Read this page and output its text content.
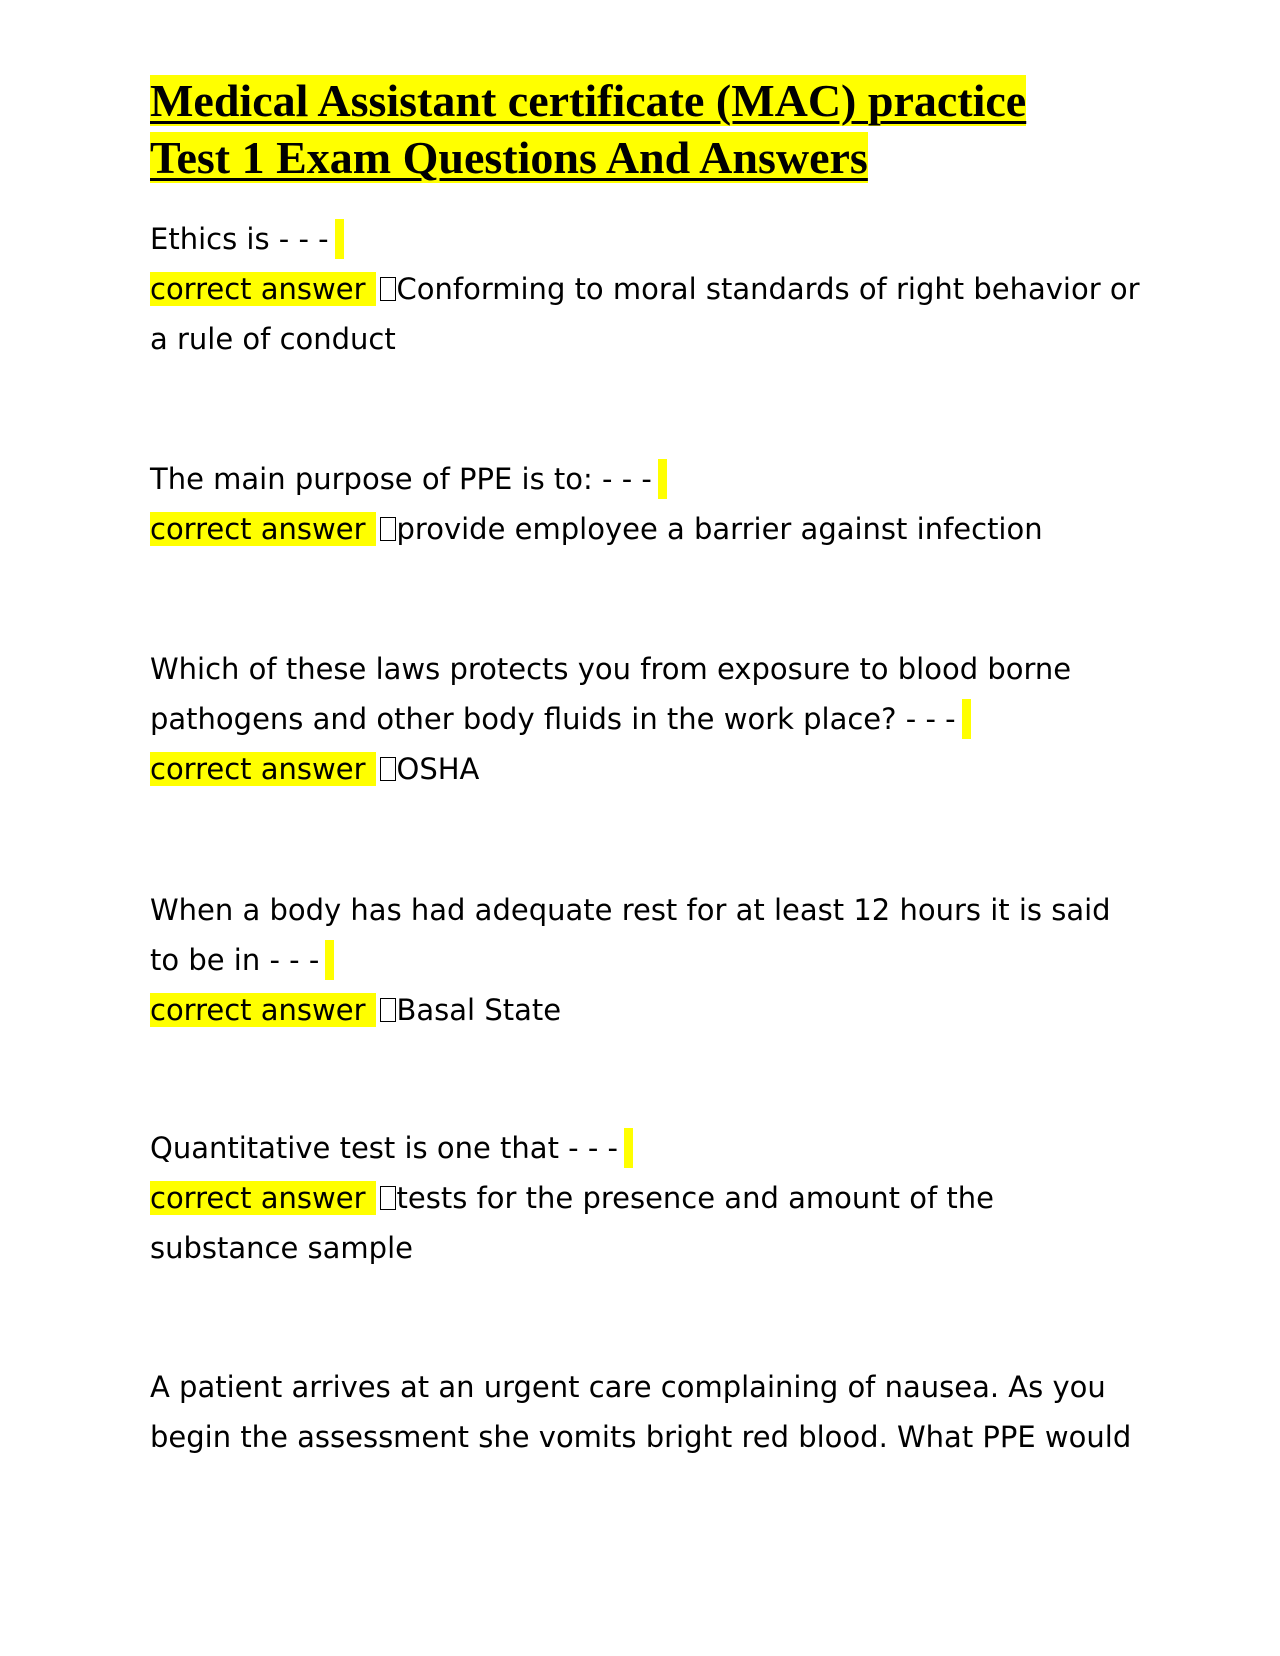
Medical Assistant certificate (MAC) practice
Test 1 Exam Questions And Answers
Ethics is - - -
correct answer Conforming to moral standards of right behavior or a rule of conduct
The main purpose of PPE is to: - - -
correct answer provide employee a barrier against infection
Which of these laws protects you from exposure to blood borne pathogens and other body fluids in the work place? - - -
correct answer OSHA
When a body has had adequate rest for at least 12 hours it is said to be in - - -
correct answer Basal State
Quantitative test is one that - - -
correct answer tests for the presence and amount of the substance sample
A patient arrives at an urgent care complaining of nausea. As you begin the assessment she vomits bright red blood. What PPE would
